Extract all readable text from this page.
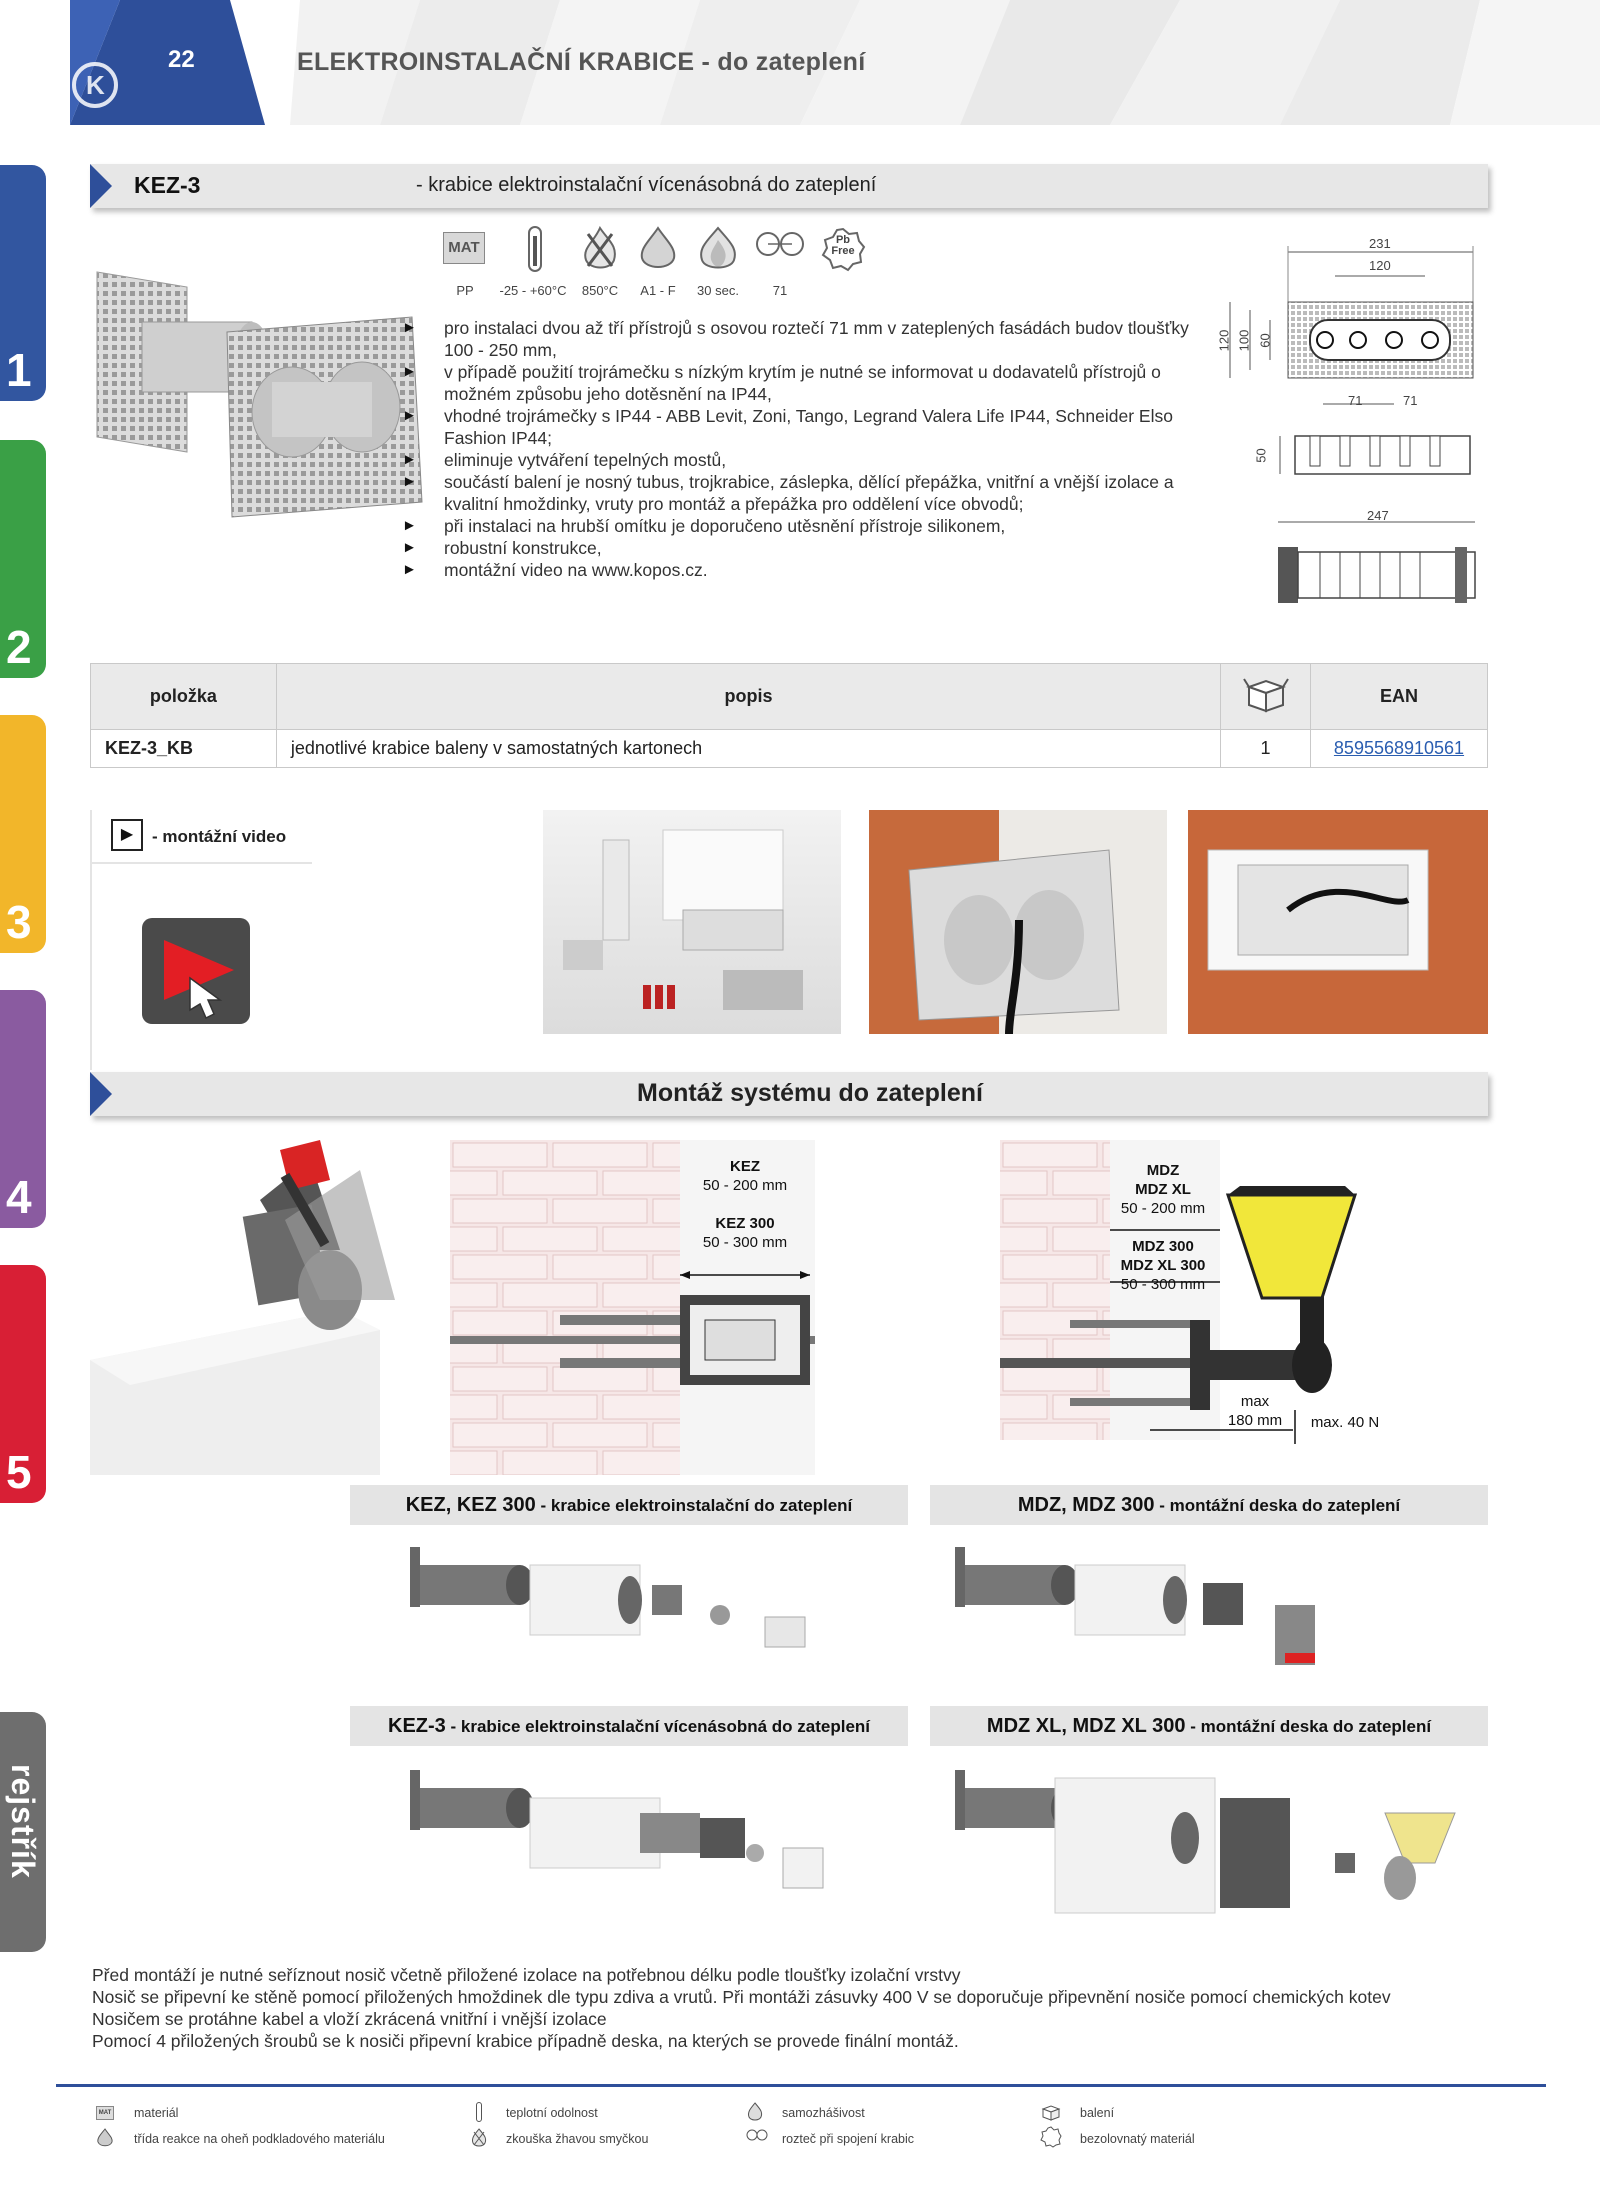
K
22	ELEKTROINSTALAČNÍ KRABICE - do zateplení
1
2
3
4
5
rejstřík
KEZ-3	- krabice elektroinstalační vícenásobná do zateplení
MAT	Pb
Free
PP	-25 - +60°C 850°C	A1 - F	30 sec.	71
► pro instalaci dvou až tří přístrojů s osovou roztečí 71 mm v zateplených fasádách budov tloušťky 100 - 250 mm,
► v případě použití trojrámečku s nízkým krytím je nutné se informovat u dodavatelů přístrojů o možném způsobu jeho dotěsnění na IP44,
► vhodné trojrámečky s IP44 - ABB Levit, Zoni, Tango, Legrand Valera Life IP44, Schneider Elso Fashion IP44;
► eliminuje vytváření tepelných mostů,
► součástí balení je nosný tubus, trojkrabice, záslepka, dělící přepážka, vnitřní a vnější izolace a kvalitní hmoždinky, vruty pro montáž a přepážka pro oddělení více obvodů;
► při instalaci na hrubší omítku je doporučeno utěsnění přístroje silikonem,
► robustní konstrukce,
► montážní video na www.kopos.cz.
231
120
120 100 60
71	71
50
247
položka	popis		EAN
KEZ-3_KB	jednotlivé krabice baleny v samostatných kartonech	1	8595568910561
▶	- montážní video
Montáž systému do zateplení
KEZ
50 - 200 mm
KEZ 300
50 - 300 mm
MDZ
MDZ XL
50 - 200 mm
MDZ 300
MDZ XL 300
50 - 300 mm
max
180 mm	max. 40 N
KEZ, KEZ 300 - krabice elektroinstalační do zateplení	MDZ, MDZ 300 - montážní deska do zateplení
KEZ-3 - krabice elektroinstalační vícenásobná do zateplení	MDZ XL, MDZ XL 300 - montážní deska do zateplení
Před montáží je nutné seříznout nosič včetně přiložené izolace na potřebnou délku podle tloušťky izolační vrstvy
Nosič se připevní ke stěně pomocí přiložených hmoždinek dle typu zdiva a vrutů. Při montáži zásuvky 400 V se doporučuje připevnění nosiče pomocí chemických kotev
Nosičem se protáhne kabel a vloží zkrácená vnitřní i vnější izolace
Pomocí 4 přiložených šroubů se k nosiči připevní krabice případně deska, na kterých se provede finální montáž.
MAT materiál	teplotní odolnost	samozhášivost	balení
třída reakce na oheň podkladového materiálu	zkouška žhavou smyčkou	rozteč při spojení krabic	bezolovnatý materiál
